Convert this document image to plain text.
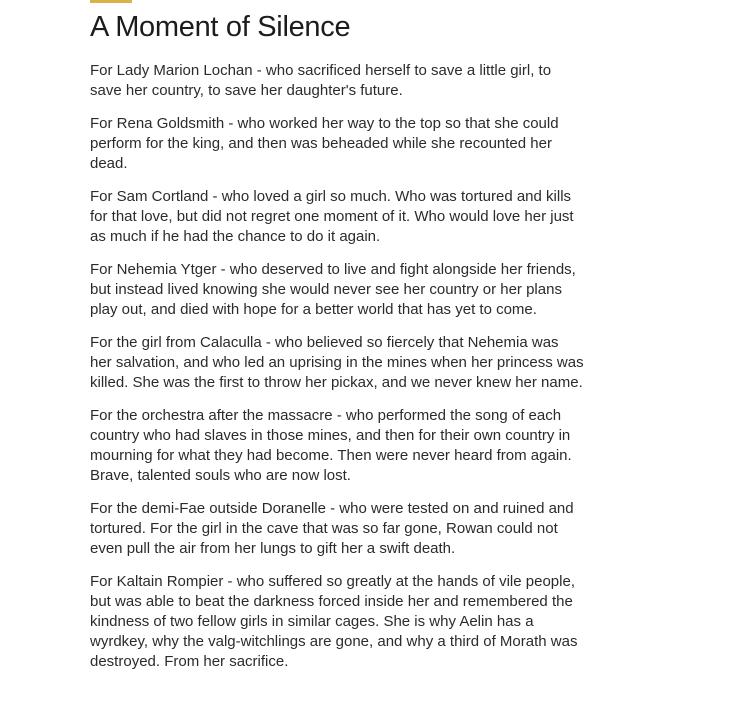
A Moment of Silence

For Lady Marion Lochan - who sacrificed herself to save a little girl, to
save her country, to save her daughter's future.

For Rena Goldsmith - who worked her way to the top so that she could
perform for the king, and then was beheaded while she recounted her
dead.

For Sam Cortland - who loved a girl so much. Who was tortured and kills
for that love, but did not regret one moment of it. Who would love her just
as much if he had the chance to do it again.

For Nehemia Ytger - who deserved to live and fight alongside her friends,
but instead lived knowing she would never see her country or her plans
play out, and died with hope for a better world that has yet to come.

For the girl from Calaculla - who believed so fiercely that Nehemia was
her salvation, and who led an uprising in the mines when her princess was
killed. She was the first to throw her pickax, and we never knew her name.

For the orchestra after the massacre - who performed the song of each
country who had slaves in those mines, and then for their own country in
mourning for what they had become. Then were never heard from again.
Brave, talented souls who are now lost.

For the demi-Fae outside Doranelle - who were tested on and ruined and
tortured. For the girl in the cave that was so far gone, Rowan could not
even pull the air from her lungs to gift her a swift death.

For Kaltain Rompier - who suffered so greatly at the hands of vile people,
but was able to beat the darkness forced inside her and remembered the
kindness of two fellow girls in similar cages. She is why Aelin has a
wyrdkey, why the valg-witchlings are gone, and why a third of Morath was
destroyed. From her sacrifice.
